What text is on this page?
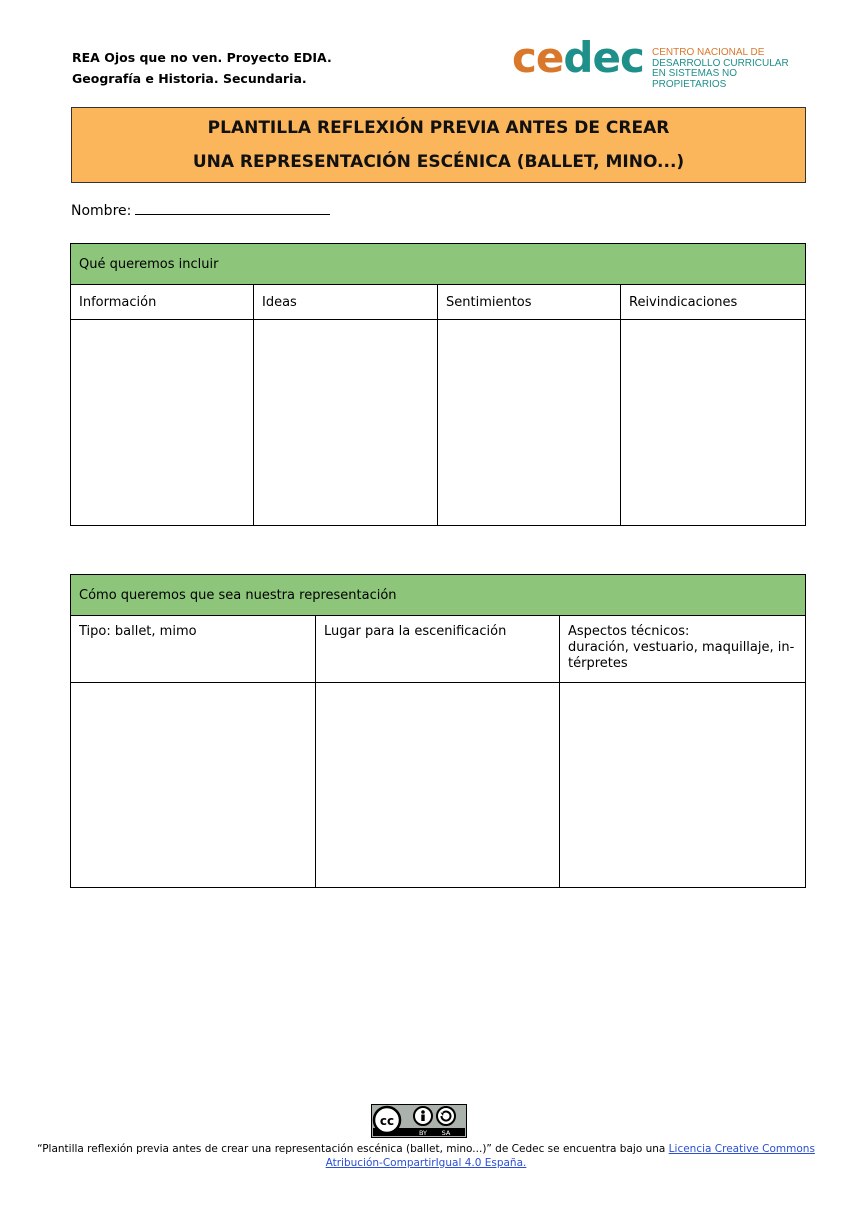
REA Ojos que no ven. Proyecto EDIA.
Geografía e Historia. Secundaria.	cedec CENTRO NACIONAL DE
DESARROLLO CURRICULAR
EN SISTEMAS NO PROPIETARIOS
PLANTILLA REFLEXIÓN PREVIA ANTES DE CREAR
UNA REPRESENTACIÓN ESCÉNICA (BALLET, MINO...)
Nombre:
Qué queremos incluir			
Información	Ideas	Sentimientos	Reivindicaciones

Cómo queremos que sea nuestra representación		
Tipo: ballet, mimo	Lugar para la escenificación	Aspectos técnicos:
duración, vestuario, maquillaje, in-térpretes

cc
BY SA
“Plantilla reflexión previa antes de crear una representación escénica (ballet, mino...)” de Cedec se encuentra bajo una Licencia Creative Commons
Atribución-CompartirIgual 4.0 España.
